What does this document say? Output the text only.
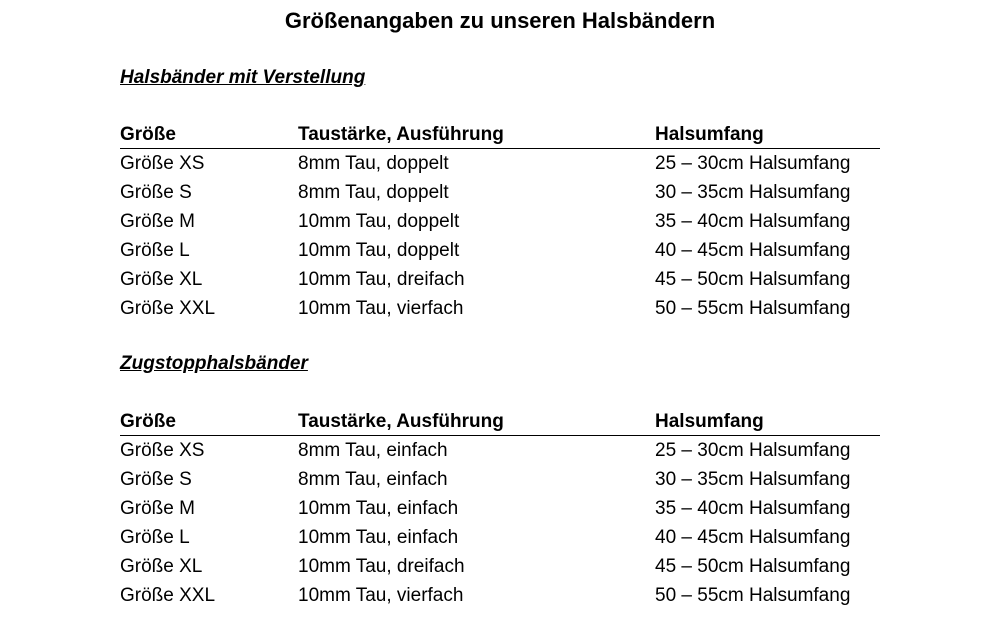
Größenangaben zu unseren Halsbändern
Halsbänder mit Verstellung
Größe	Taustärke, Ausführung	Halsumfang
Größe XS	8mm Tau, doppelt	25 – 30cm Halsumfang
Größe S	8mm Tau, doppelt	30 – 35cm Halsumfang
Größe M	10mm Tau, doppelt	35 – 40cm Halsumfang
Größe L	10mm Tau, doppelt	40 – 45cm Halsumfang
Größe XL	10mm Tau, dreifach	45 – 50cm Halsumfang
Größe XXL	10mm Tau, vierfach	50 – 55cm Halsumfang
Zugstopphalsbänder
Größe	Taustärke, Ausführung	Halsumfang
Größe XS	8mm Tau, einfach	25 – 30cm Halsumfang
Größe S	8mm Tau, einfach	30 – 35cm Halsumfang
Größe M	10mm Tau, einfach	35 – 40cm Halsumfang
Größe L	10mm Tau, einfach	40 – 45cm Halsumfang
Größe XL	10mm Tau, dreifach	45 – 50cm Halsumfang
Größe XXL	10mm Tau, vierfach	50 – 55cm Halsumfang
